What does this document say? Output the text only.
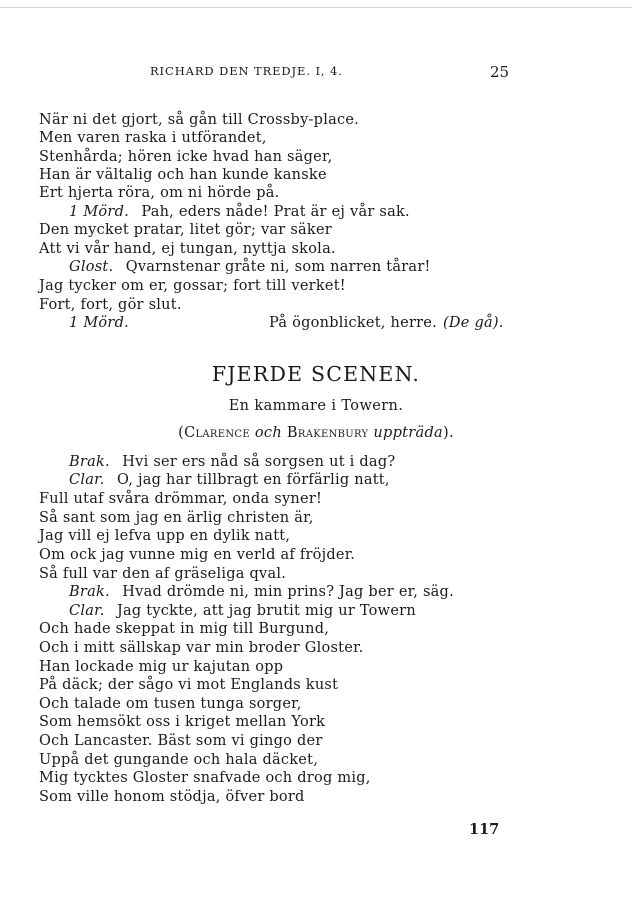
RICHARD DEN TREDJE. I, 4.	25
När ni det gjort, så gån till Crossby-place.
Men varen raska i utförandet,
Stenhårda; hören icke hvad han säger,
Han är vältalig och han kunde kanske
Ert hjerta röra, om ni hörde på.
1 Mörd.  Pah, eders nåde! Prat är ej vår sak.
Den mycket pratar, litet gör; var säker
Att vi vår hand, ej tungan, nyttja skola.
Glost.  Qvarnstenar gråte ni, som narren tårar!
Jag tycker om er, gossar; fort till verket!
Fort, fort, gör slut.
1 Mörd.	På ögonblicket, herre. (De gå).
FJERDE SCENEN.
En kammare i Towern.
(Clarence och Brakenbury uppträda).
Brak.  Hvi ser ers nåd så sorgsen ut i dag?
Clar.  O, jag har tillbragt en förfärlig natt,
Full utaf svåra drömmar, onda syner!
Så sant som jag en ärlig christen är,
Jag vill ej lefva upp en dylik natt,
Om ock jag vunne mig en verld af fröjder.
Så full var den af gräseliga qval.
Brak.  Hvad drömde ni, min prins? Jag ber er, säg.
Clar.  Jag tyckte, att jag brutit mig ur Towern
Och hade skeppat in mig till Burgund,
Och i mitt sällskap var min broder Gloster.
Han lockade mig ur kajutan opp
På däck; der sågo vi mot Englands kust
Och talade om tusen tunga sorger,
Som hemsökt oss i kriget mellan York
Och Lancaster. Bäst som vi gingo der
Uppå det gungande och hala däcket,
Mig tycktes Gloster snafvade och drog mig,
Som ville honom stödja, öfver bord
117
